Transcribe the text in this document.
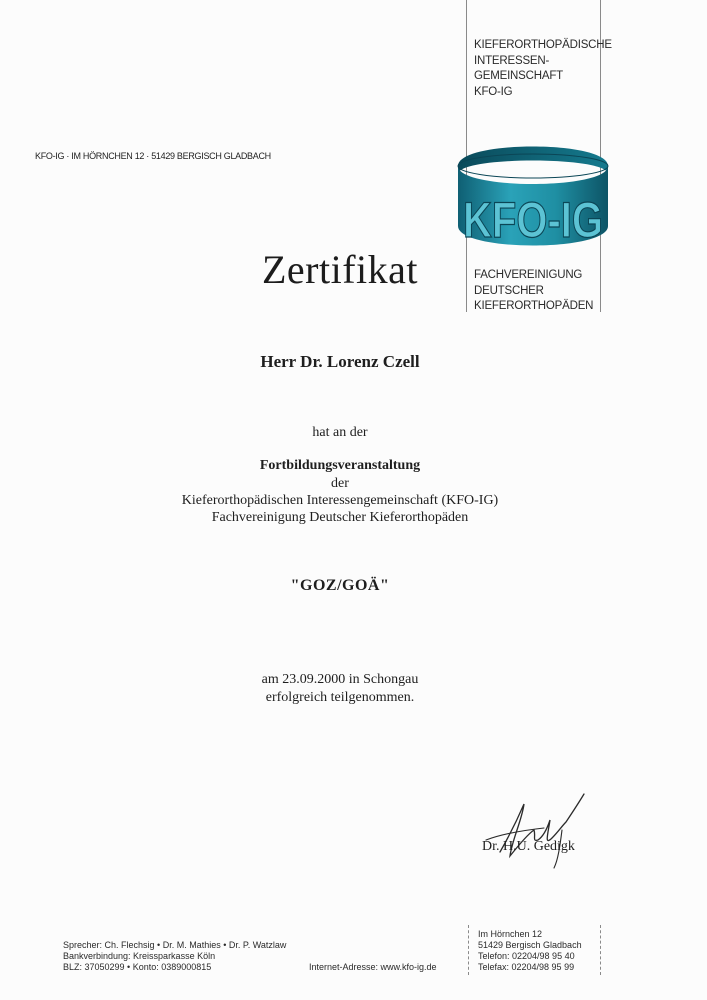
KIEFERORTHOPÄDISCHE
INTERESSEN-
GEMEINSCHAFT
KFO-IG
KFO-IG
FACHVEREINIGUNG
DEUTSCHER
KIEFERORTHOPÄDEN
KFO-IG · IM HÖRNCHEN 12 · 51429 BERGISCH GLADBACH
Zertifikat
Herr Dr. Lorenz Czell
hat an der
Fortbildungsveranstaltung
der
Kieferorthopädischen Interessengemeinschaft (KFO-IG)
Fachvereinigung Deutscher Kieferorthopäden
"GOZ/GOÄ"
am 23.09.2000 in Schongau
erfolgreich teilgenommen.
Dr. H.U. Gedigk
Sprecher: Ch. Flechsig • Dr. M. Mathies • Dr. P. Watzlaw
Bankverbindung: Kreissparkasse Köln
BLZ: 37050299 • Konto: 0389000815	Internet-Adresse: www.kfo-ig.de
Im Hörnchen 12
51429 Bergisch Gladbach
Telefon: 02204/98 95 40
Telefax: 02204/98 95 99
